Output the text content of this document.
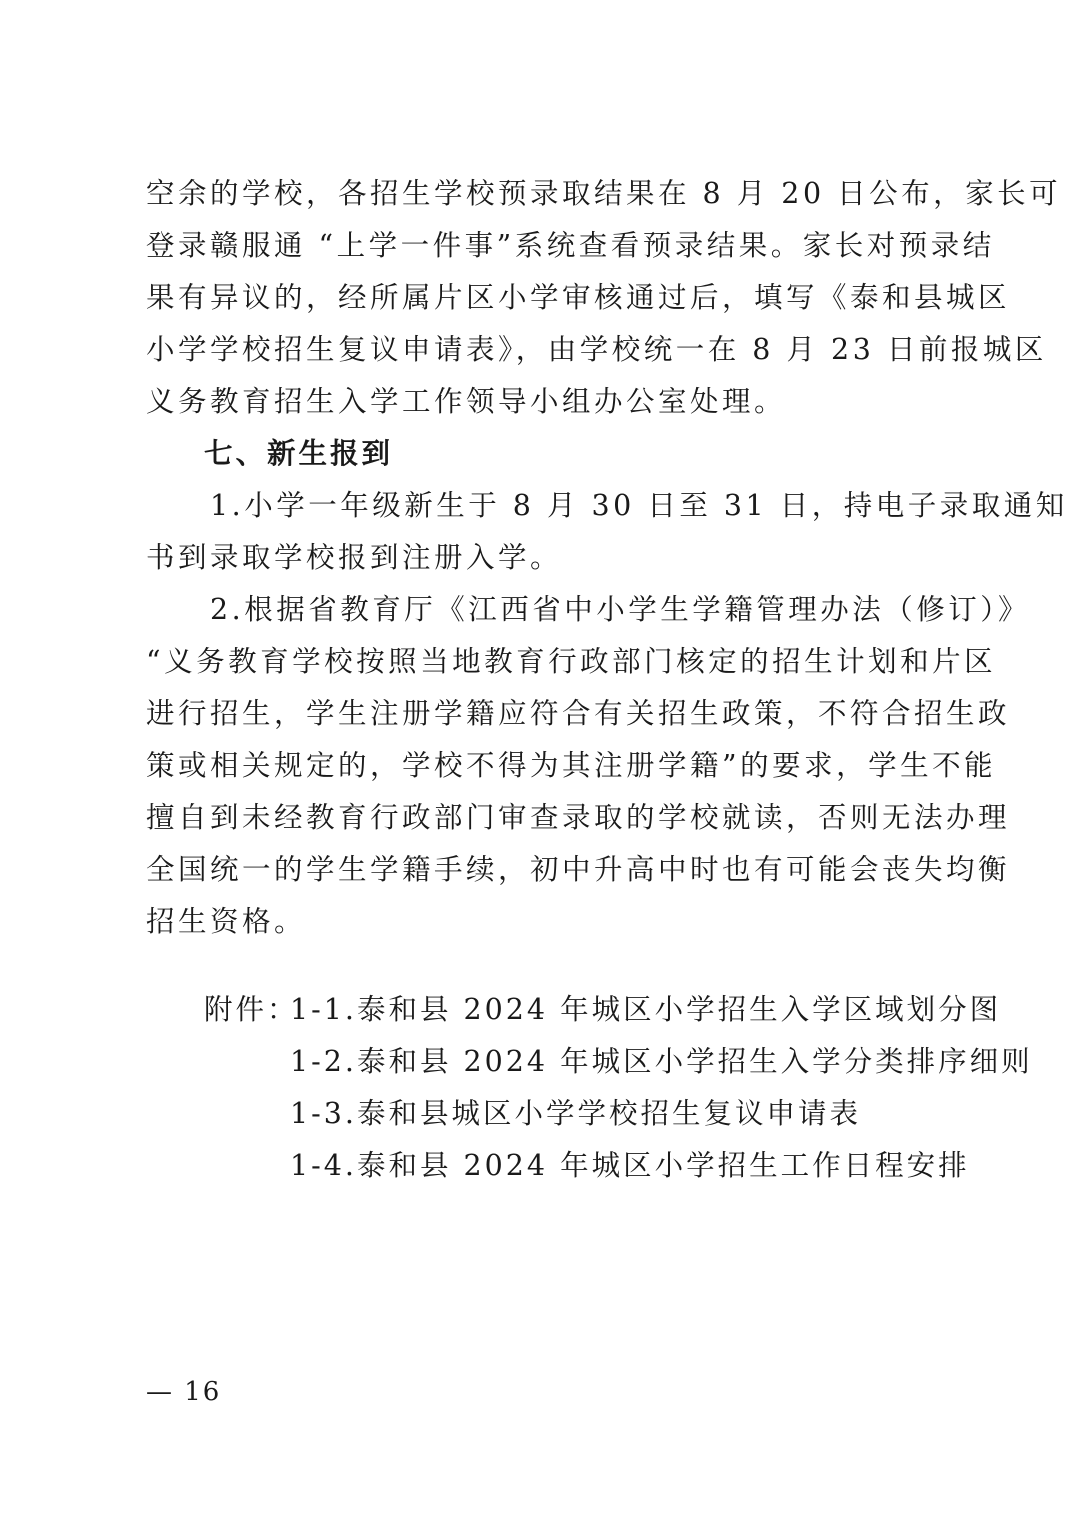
空余的学校，各招生学校预录取结果在 8 月 20 日公布，家长可
登录赣服通 “上学一件事”系统查看预录结果。家长对预录结
果有异议的，经所属片区小学审核通过后，填写《泰和县城区
小学学校招生复议申请表》，由学校统一在 8 月 23 日前报城区
义务教育招生入学工作领导小组办公室处理。

七、新生报到

　　1.小学一年级新生于 8 月 30 日至 31 日，持电子录取通知
书到录取学校报到注册入学。

　　2.根据省教育厅《江西省中小学生学籍管理办法（修订）》
“义务教育学校按照当地教育行政部门核定的招生计划和片区
进行招生，学生注册学籍应符合有关招生政策，不符合招生政
策或相关规定的，学校不得为其注册学籍”的要求，学生不能
擅自到未经教育行政部门审查录取的学校就读，否则无法办理
全国统一的学生学籍手续，初中升高中时也有可能会丧失均衡
招生资格。

附件：1-1.泰和县 2024 年城区小学招生入学区域划分图
1-2.泰和县 2024 年城区小学招生入学分类排序细则
1-3.泰和县城区小学学校招生复议申请表
1-4.泰和县 2024 年城区小学招生工作日程安排
— 16
